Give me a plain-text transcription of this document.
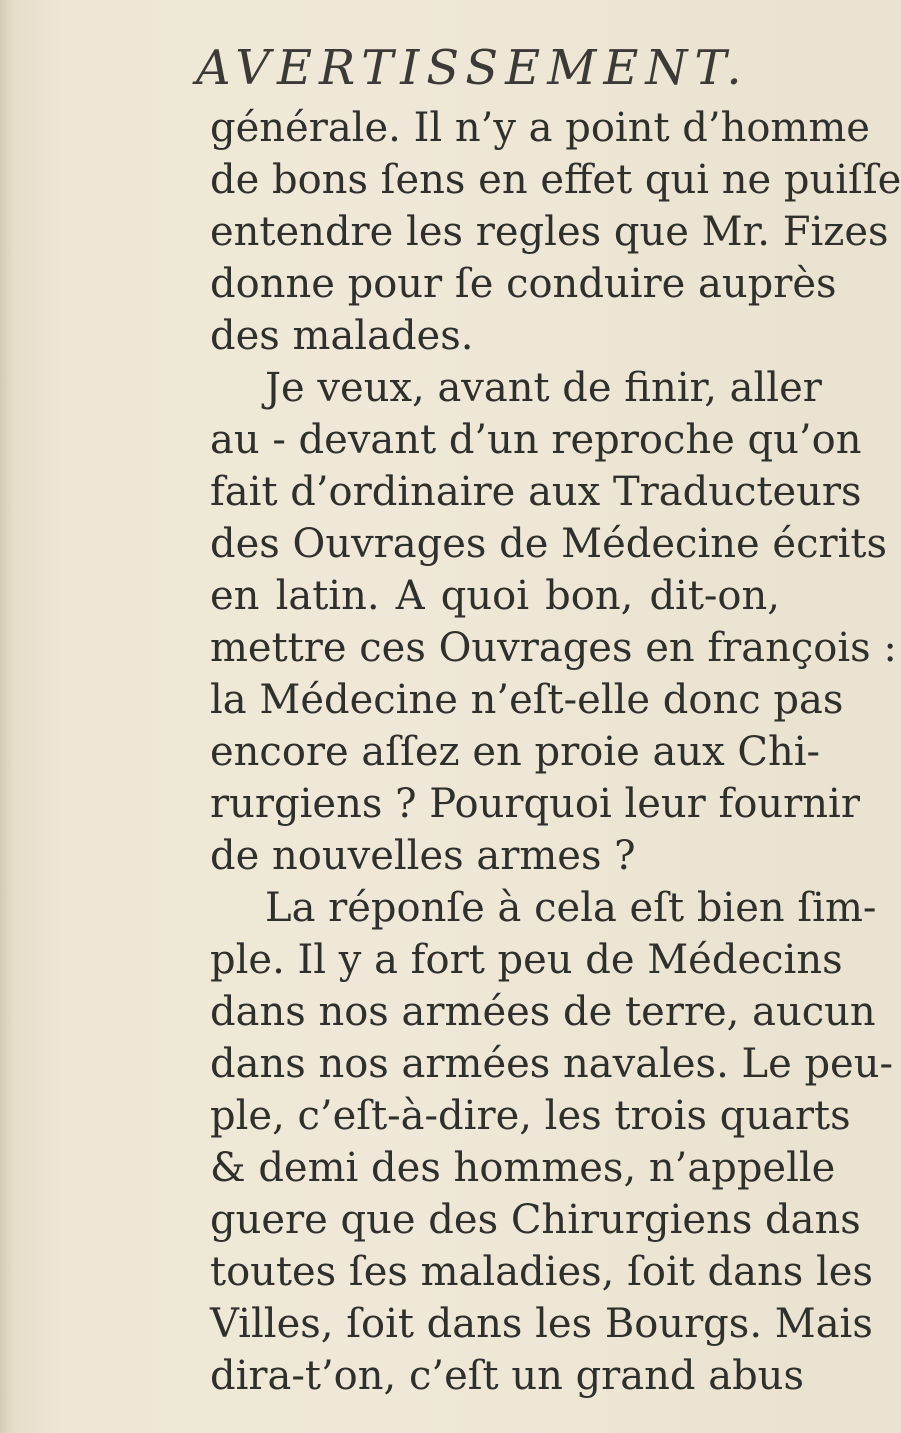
AVERTISSEMENT.
générale. Il n’y a point d’homme
de bons ſens en effet qui ne puiſſe
entendre les regles que Mr. Fizes
donne pour ſe conduire auprès
des malades.
Je veux, avant de finir, aller
au - devant d’un reproche qu’on
fait d’ordinaire aux Traducteurs
des Ouvrages de Médecine écrits
en latin. A quoi bon, dit-on,
mettre ces Ouvrages en françois :
la Médecine n’eſt-elle donc pas
encore aſſez en proie aux Chi-
rurgiens ? Pourquoi leur fournir
de nouvelles armes ?
La réponſe à cela eſt bien ſim-
ple. Il y a fort peu de Médecins
dans nos armées de terre, aucun
dans nos armées navales. Le peu-
ple, c’eſt-à-dire, les trois quarts
& demi des hommes, n’appelle
guere que des Chirurgiens dans
toutes ſes maladies, ſoit dans les
Villes, ſoit dans les Bourgs. Mais
dira-t’on, c’eſt un grand abus
